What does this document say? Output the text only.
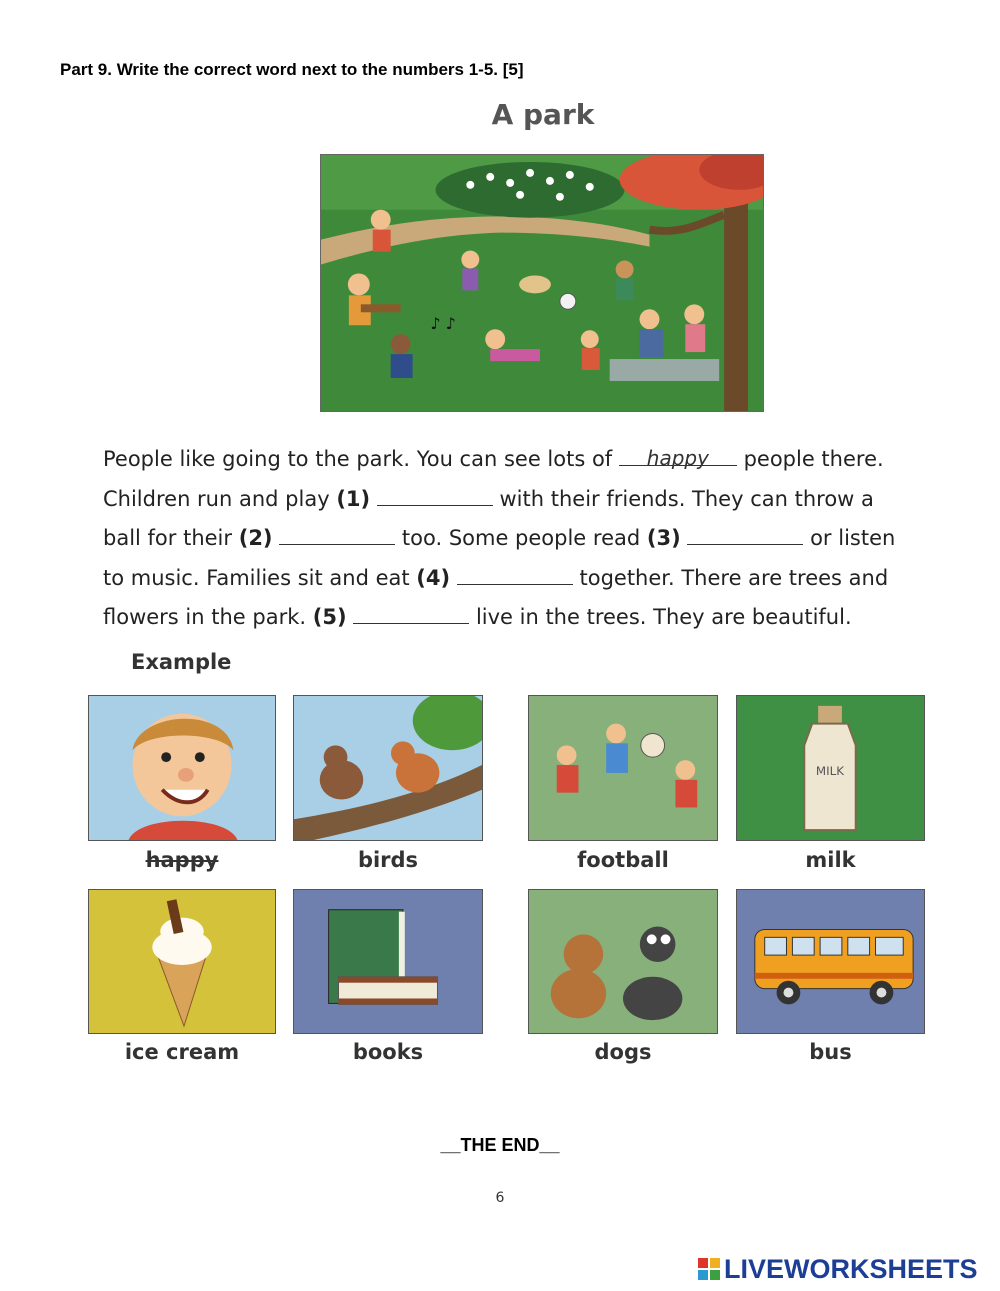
Part 9. Write the correct word next to the numbers 1-5. [5]
A park
♪ ♪
People like going to the park. You can see lots of	happy	people there.
Children run and play (1)	with their friends. They can throw a
ball for their (2)	too. Some people read (3)	or listen
to music. Families sit and eat (4)	together. There are trees and
flowers in the park. (5)	live in the trees. They are beautiful.
Example
MILK
happy	birds	football	milk
ice cream	books	dogs	bus
__THE END__
6
LIVEWORKSHEETS
